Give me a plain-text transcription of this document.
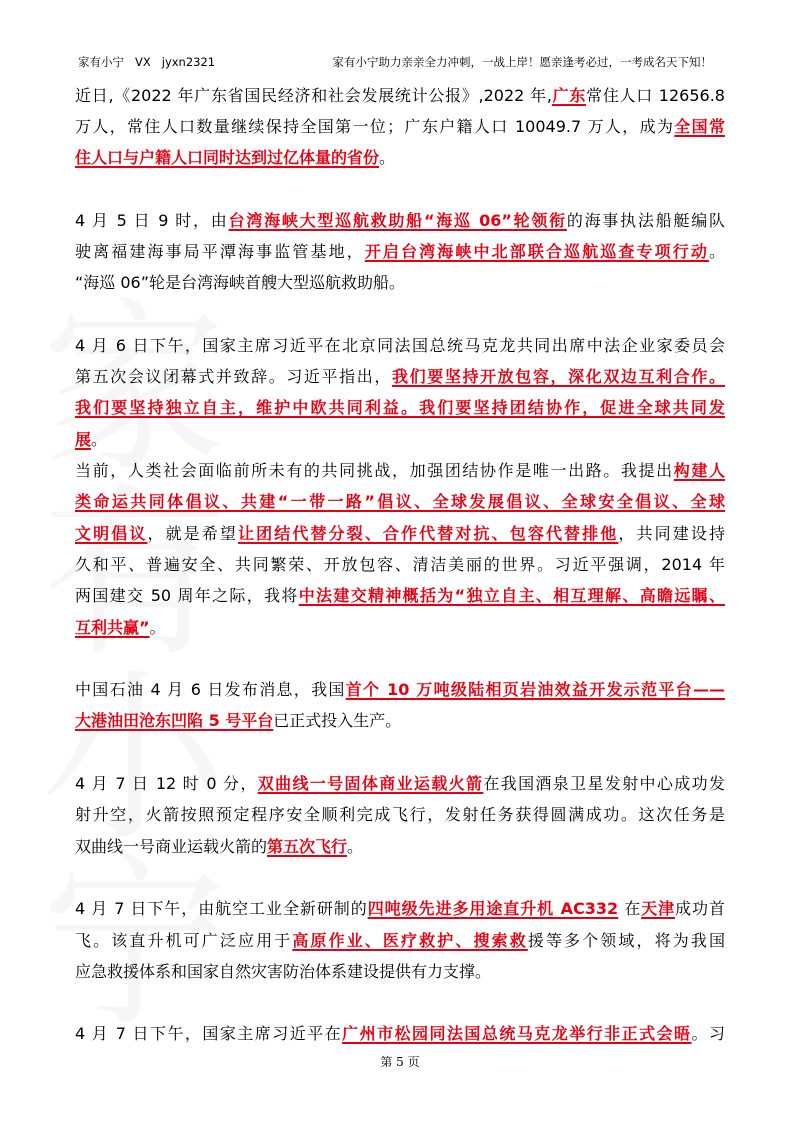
家有小宁 VX jyxn2321	家有小宁助力亲亲全力冲刺，一战上岸！愿亲逢考必过，一考成名天下知！
近日,《2022 年广东省国民经济和社会发展统计公报》,2022 年,广东常住人口 12656.8
万人，常住人口数量继续保持全国第一位；广东户籍人口 10049.7 万人，成为全国常
住人口与户籍人口同时达到过亿体量的省份。
4 月 5 日 9 时，由台湾海峡大型巡航救助船“海巡 06”轮领衔的海事执法船艇编队
驶离福建海事局平潭海事监管基地，开启台湾海峡中北部联合巡航巡查专项行动。
“海巡 06”轮是台湾海峡首艘大型巡航救助船。
4 月 6 日下午，国家主席习近平在北京同法国总统马克龙共同出席中法企业家委员会
第五次会议闭幕式并致辞。习近平指出，我们要坚持开放包容，深化双边互利合作。
我们要坚持独立自主，维护中欧共同利益。我们要坚持团结协作，促进全球共同发
展。
当前，人类社会面临前所未有的共同挑战，加强团结协作是唯一出路。我提出构建人
类命运共同体倡议、共建“一带一路”倡议、全球发展倡议、全球安全倡议、全球
文明倡议，就是希望让团结代替分裂、合作代替对抗、包容代替排他，共同建设持
久和平、普遍安全、共同繁荣、开放包容、清洁美丽的世界。习近平强调，2014 年
两国建交 50 周年之际，我将中法建交精神概括为“独立自主、相互理解、高瞻远瞩、
互利共赢”。
中国石油 4 月 6 日发布消息，我国首个 10 万吨级陆相页岩油效益开发示范平台——
大港油田沧东凹陷 5 号平台已正式投入生产。
4 月 7 日 12 时 0 分，双曲线一号固体商业运载火箭在我国酒泉卫星发射中心成功发
射升空，火箭按照预定程序安全顺利完成飞行，发射任务获得圆满成功。这次任务是
双曲线一号商业运载火箭的第五次飞行。
4 月 7 日下午，由航空工业全新研制的四吨级先进多用途直升机 AC332 在天津成功首
飞。该直升机可广泛应用于高原作业、医疗救护、搜索救援等多个领域，将为我国
应急救援体系和国家自然灾害防治体系建设提供有力支撑。
4 月 7 日下午，国家主席习近平在广州市松园同法国总统马克龙举行非正式会晤。习
第 5 页
